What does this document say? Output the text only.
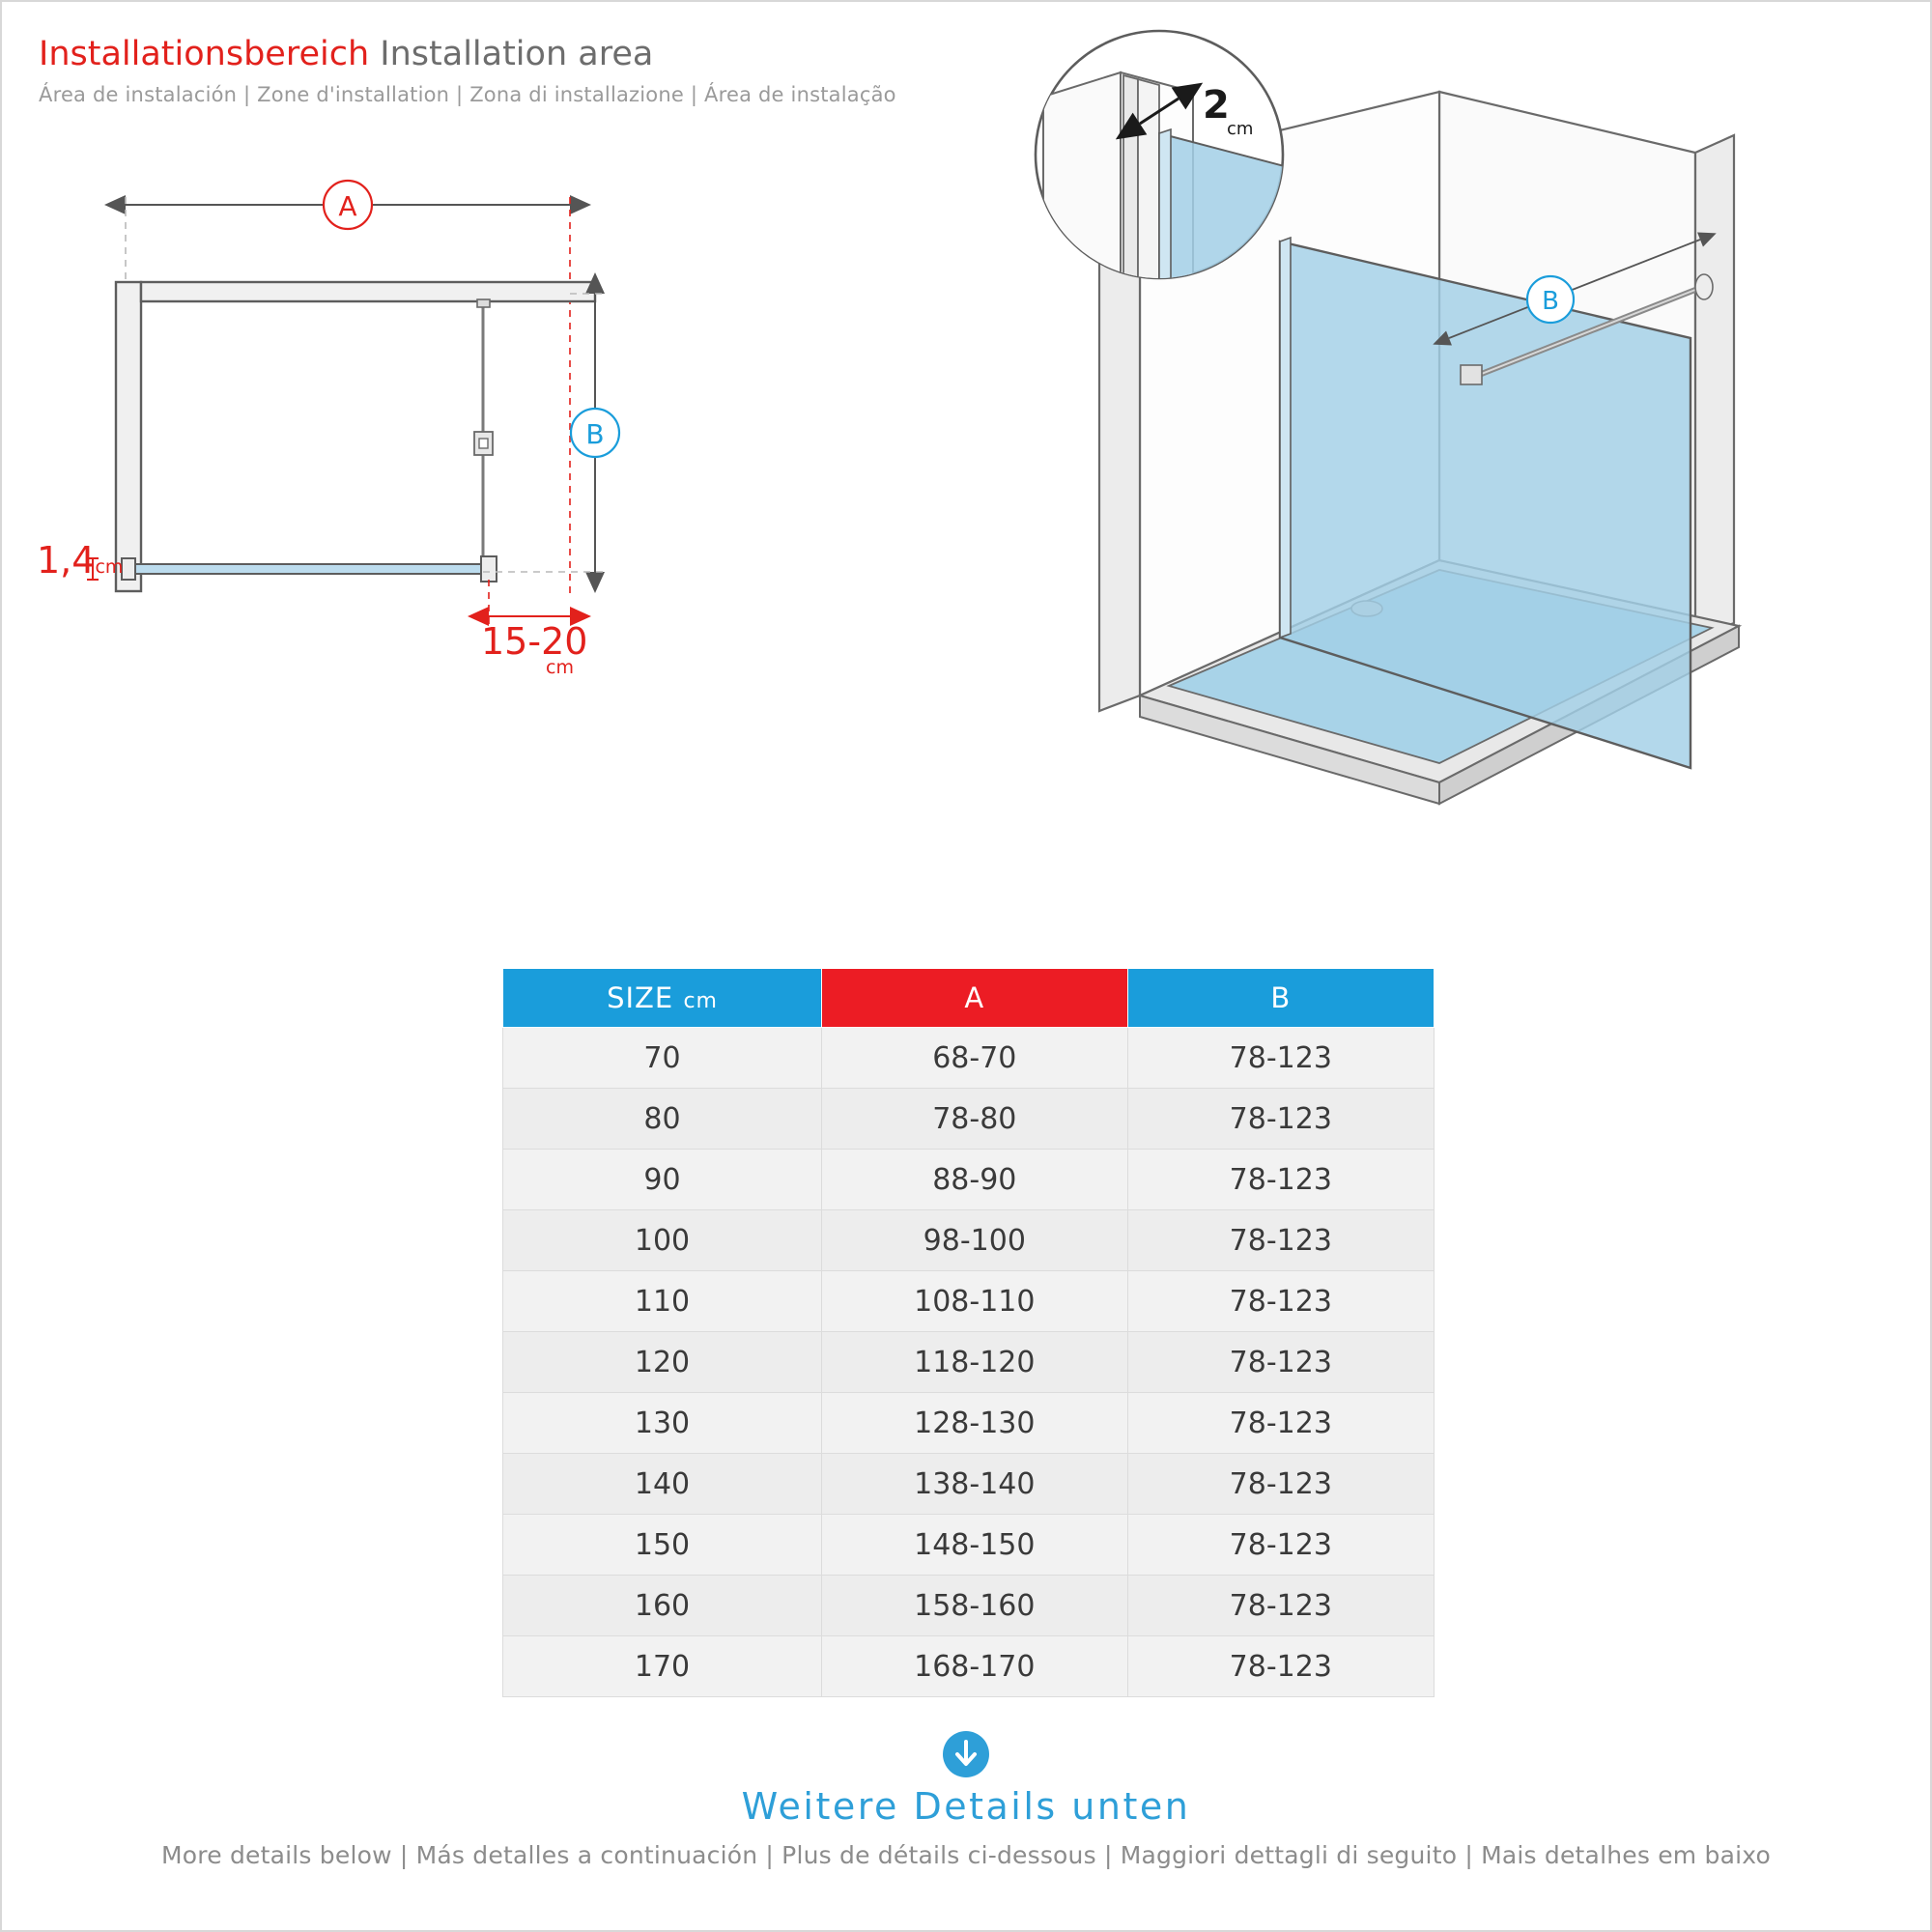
Installationsbereich Installation area
Área de instalación | Zone d'installation | Zona di installazione | Área de instalação
A
B
1,4cm
15-20
cm
B
2
cm
SIZE cm	A	B
70	68-70	78-123
80	78-80	78-123
90	88-90	78-123
100	98-100	78-123
110	108-110	78-123
120	118-120	78-123
130	128-130	78-123
140	138-140	78-123
150	148-150	78-123
160	158-160	78-123
170	168-170	78-123
Weitere Details unten
More details below | Más detalles a continuación | Plus de détails ci-dessous | Maggiori dettagli di seguito | Mais detalhes em baixo
